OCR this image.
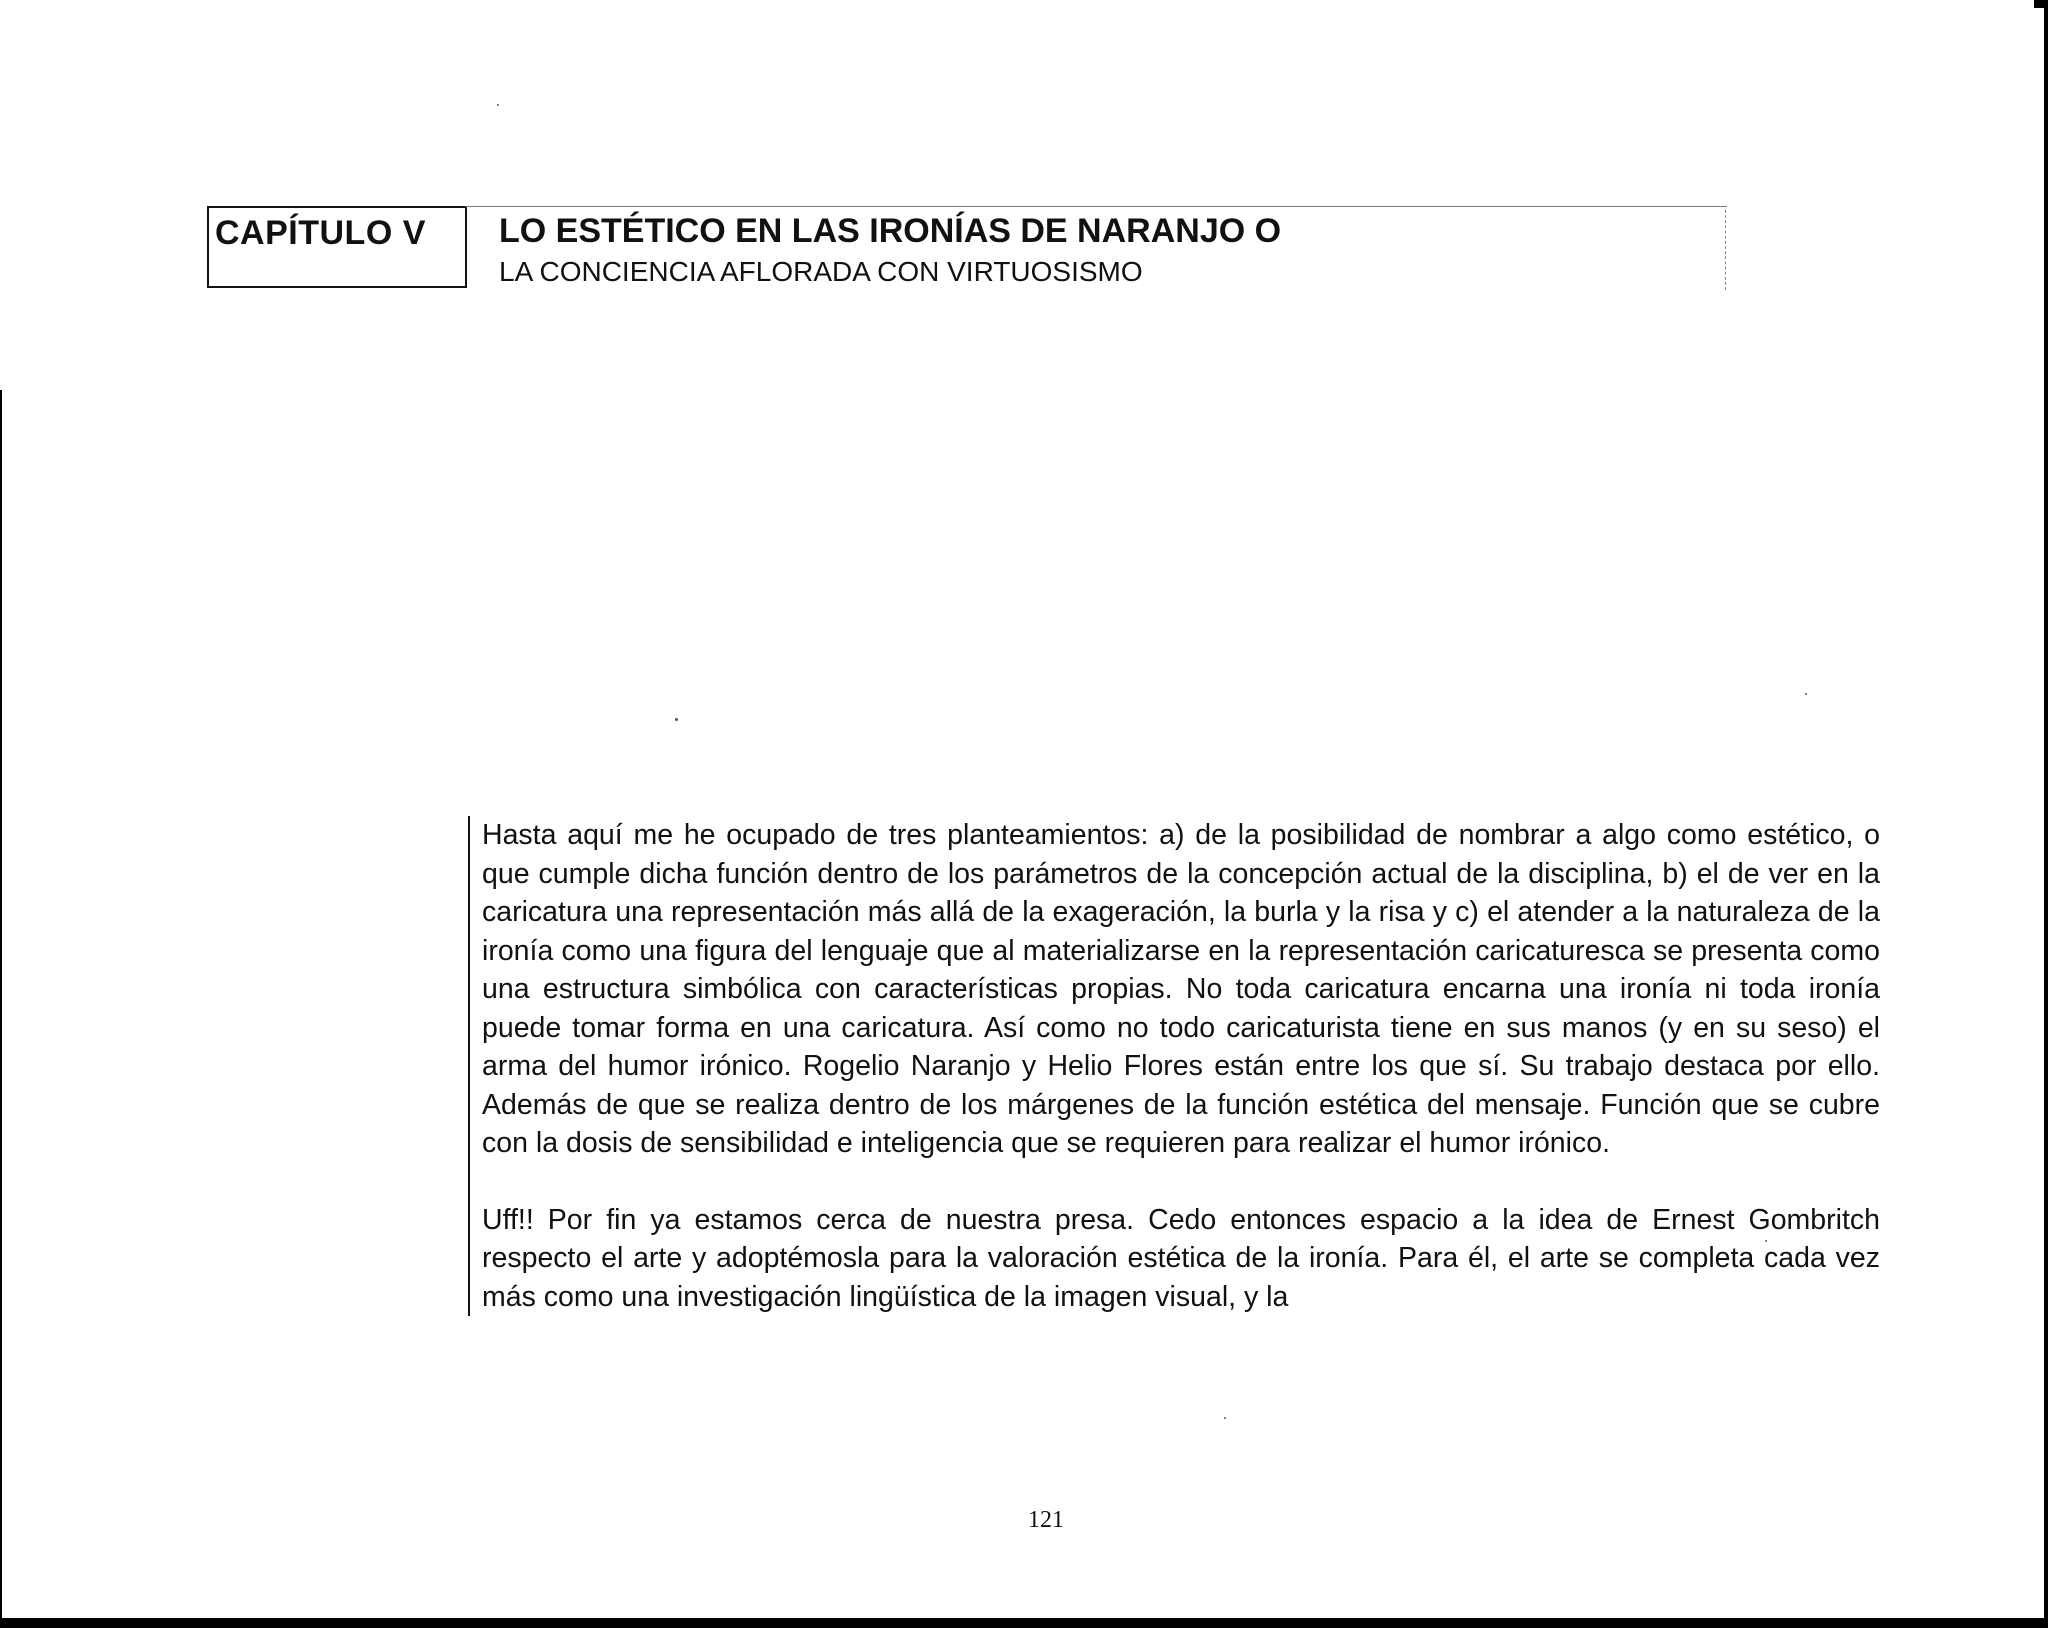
CAPÍTULO V LO ESTÉTICO EN LAS IRONÍAS DE NARANJO O
LA CONCIENCIA AFLORADA CON VIRTUOSISMO

Hasta aquí me he ocupado de tres planteamientos: a) de la posibilidad de nombrar a algo como estético, o que cumple dicha función dentro de los parámetros de la concepción actual de la disciplina, b) el de ver en la caricatura una representación más allá de la exageración, la burla y la risa y c) el atender a la naturaleza de la ironía como una figura del lenguaje que al materializarse en la representación caricaturesca se presenta como una estructura simbólica con características propias. No toda caricatura encarna una ironía ni toda ironía puede tomar forma en una caricatura. Así como no todo caricaturista tiene en sus manos (y en su seso) el arma del humor irónico. Rogelio Naranjo y Helio Flores están entre los que sí. Su trabajo destaca por ello. Además de que se realiza dentro de los márgenes de la función estética del mensaje. Función que se cubre con la dosis de sensibilidad e inteligencia que se requieren para realizar el humor irónico.

Uff!! Por fin ya estamos cerca de nuestra presa. Cedo entonces espacio a la idea de Ernest Gombritch respecto el arte y adoptémosla para la valoración estética de la ironía. Para él, el arte se completa cada vez más como una investigación lingüística de la imagen visual, y la

121
